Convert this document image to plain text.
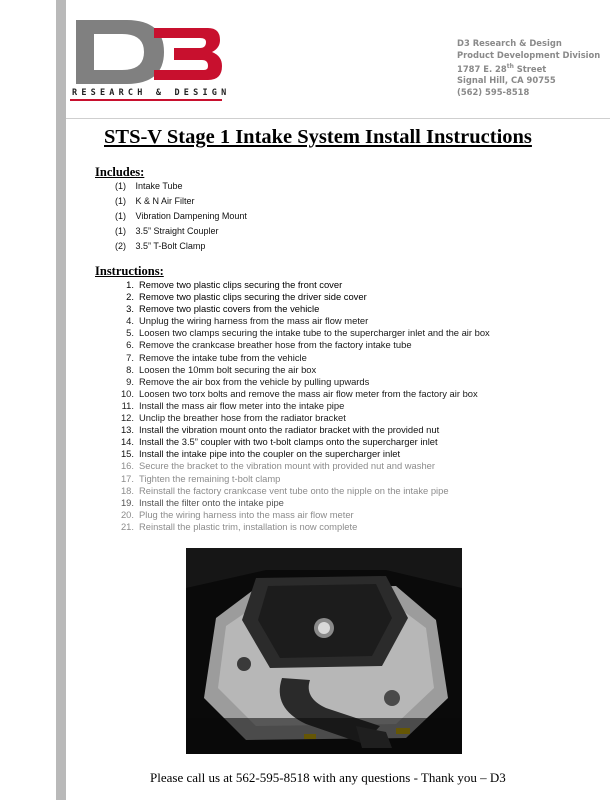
RESEARCH & DESIGN
D3 Research & Design
Product Development Division
1787 E. 28th Street
Signal Hill, CA 90755
(562) 595-8518
STS-V Stage 1 Intake System Install Instructions
Includes:
(1) Intake Tube
(1) K & N Air Filter
(1) Vibration Dampening Mount
(1) 3.5” Straight Coupler
(2) 3.5” T-Bolt Clamp
Instructions:
1. Remove two plastic clips securing the front cover
2. Remove two plastic clips securing the driver side cover
3. Remove two plastic covers from the vehicle
4. Unplug the wiring harness from the mass air flow meter
5. Loosen two clamps securing the intake tube to the supercharger inlet and the air box
6. Remove the crankcase breather hose from the factory intake tube
7. Remove the intake tube from the vehicle
8. Loosen the 10mm bolt securing the air box
9. Remove the air box from the vehicle by pulling upwards
10. Loosen two torx bolts and remove the mass air flow meter from the factory air box
11. Install the mass air flow meter into the intake pipe
12. Unclip the breather hose from the radiator bracket
13. Install the vibration mount onto the radiator bracket with the provided nut
14. Install the 3.5” coupler with two t-bolt clamps onto the supercharger inlet
15. Install the intake pipe into the coupler on the supercharger inlet
16. Secure the bracket to the vibration mount with provided nut and washer
17. Tighten the remaining t-bolt clamp
18. Reinstall the factory crankcase vent tube onto the nipple on the intake pipe
19. Install the filter onto the intake pipe
20. Plug the wiring harness into the mass air flow meter
21. Reinstall the plastic trim, installation is now complete
Please call us at 562-595-8518 with any questions - Thank you – D3
